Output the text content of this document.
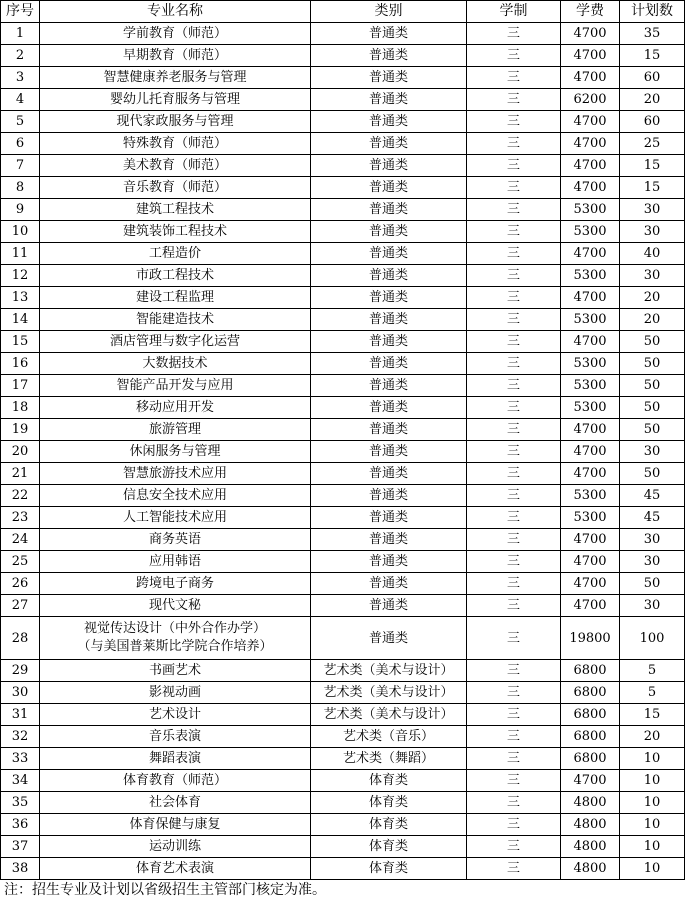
序号	专业名称	类别	学制	学费	计划数
1	学前教育（师范）	普通类	三	4700	35
2	早期教育（师范）	普通类	三	4700	15
3	智慧健康养老服务与管理	普通类	三	4700	60
4	婴幼儿托育服务与管理	普通类	三	6200	20
5	现代家政服务与管理	普通类	三	4700	60
6	特殊教育（师范）	普通类	三	4700	25
7	美术教育（师范）	普通类	三	4700	15
8	音乐教育（师范）	普通类	三	4700	15
9	建筑工程技术	普通类	三	5300	30
10	建筑装饰工程技术	普通类	三	5300	30
11	工程造价	普通类	三	4700	40
12	市政工程技术	普通类	三	5300	30
13	建设工程监理	普通类	三	4700	20
14	智能建造技术	普通类	三	5300	20
15	酒店管理与数字化运营	普通类	三	4700	50
16	大数据技术	普通类	三	5300	50
17	智能产品开发与应用	普通类	三	5300	50
18	移动应用开发	普通类	三	5300	50
19	旅游管理	普通类	三	4700	50
20	休闲服务与管理	普通类	三	4700	30
21	智慧旅游技术应用	普通类	三	4700	50
22	信息安全技术应用	普通类	三	5300	45
23	人工智能技术应用	普通类	三	5300	45
24	商务英语	普通类	三	4700	30
25	应用韩语	普通类	三	4700	30
26	跨境电子商务	普通类	三	4700	50
27	现代文秘	普通类	三	4700	30
28	视觉传达设计（中外合作办学）
（与美国普莱斯比学院合作培养）	普通类	三	19800	100
29	书画艺术	艺术类（美术与设计）	三	6800	5
30	影视动画	艺术类（美术与设计）	三	6800	5
31	艺术设计	艺术类（美术与设计）	三	6800	15
32	音乐表演	艺术类（音乐）	三	6800	20
33	舞蹈表演	艺术类（舞蹈）	三	6800	10
34	体育教育（师范）	体育类	三	4700	10
35	社会体育	体育类	三	4800	10
36	体育保健与康复	体育类	三	4800	10
37	运动训练	体育类	三	4800	10
38	体育艺术表演	体育类	三	4800	10
注：招生专业及计划以省级招生主管部门核定为准。
